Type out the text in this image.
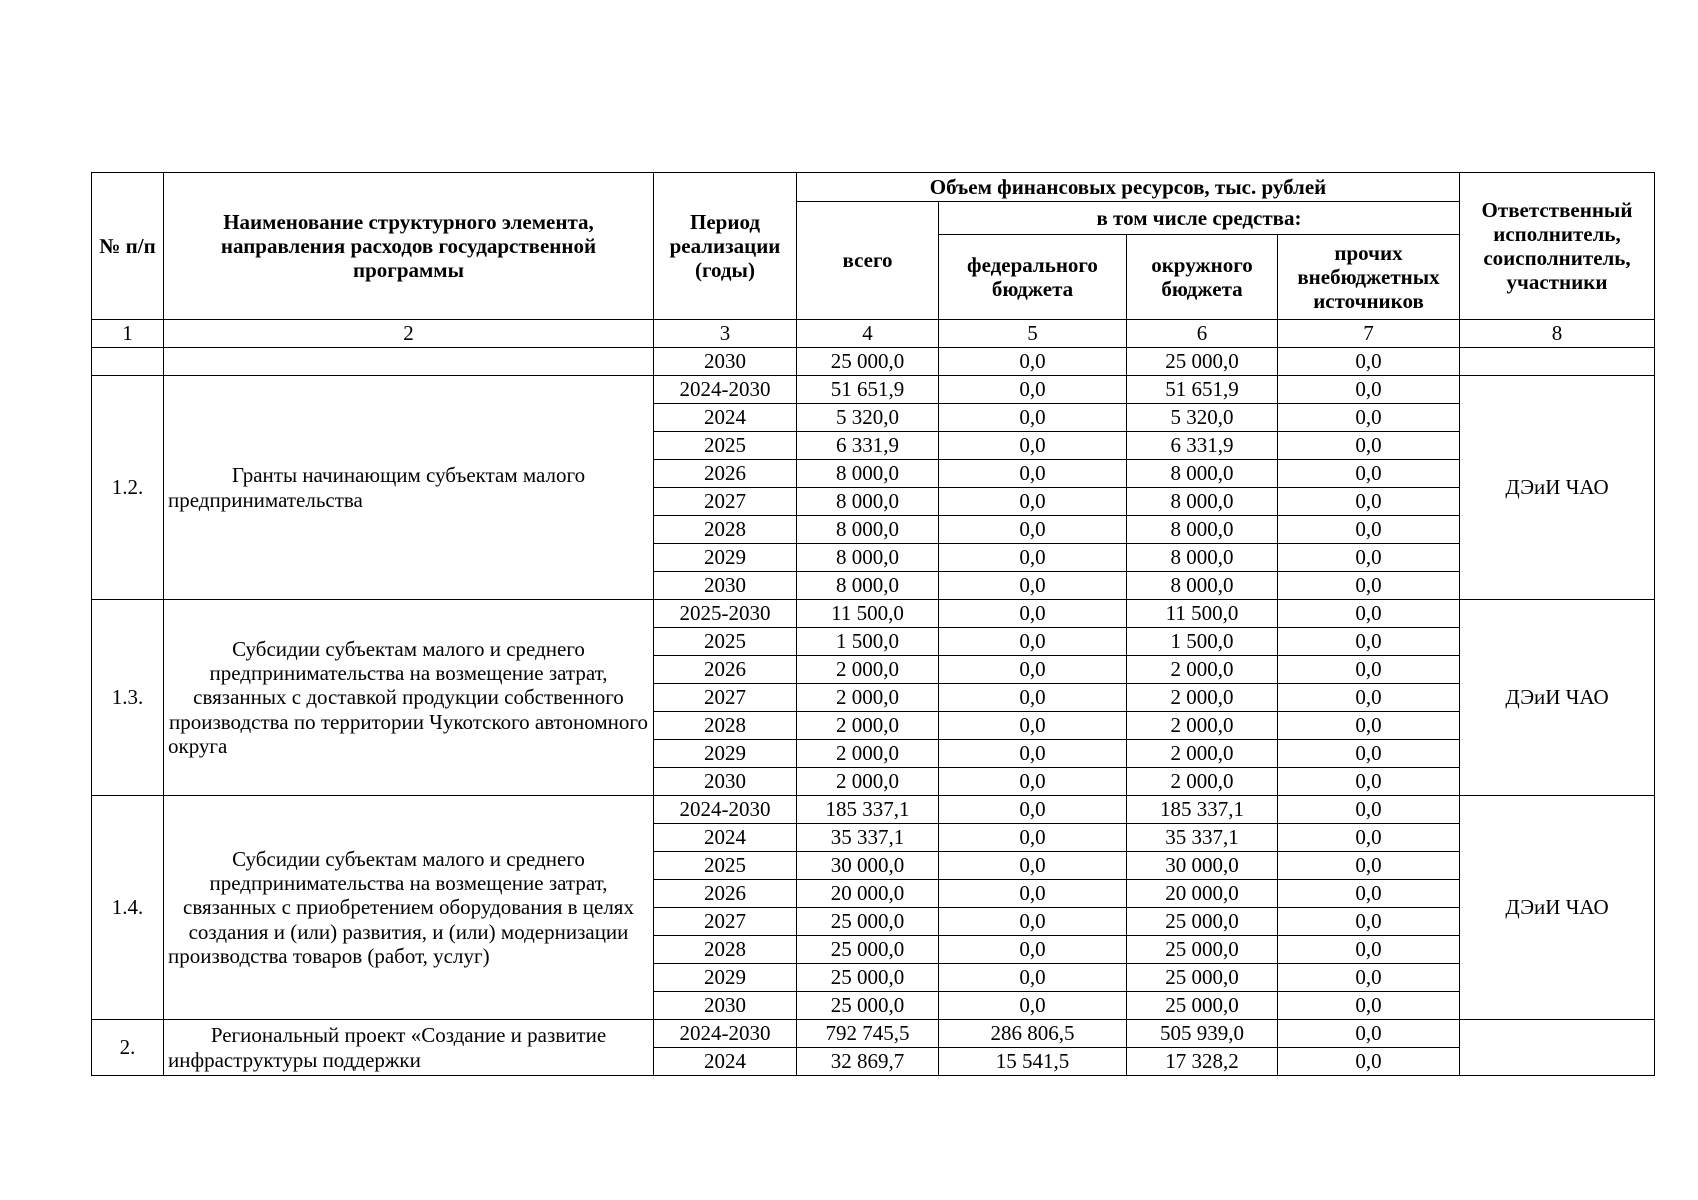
№ п/п	Наименование структурного элемента, направления расходов государственной программы	Период реализации (годы)	Объем финансовых ресурсов, тыс. рублей				Ответственный исполнитель, соисполнитель, участники
			всего	в том числе средства:			
				федерального бюджета	окружного бюджета	прочих внебюджетных источников	
1	2	3	4	5	6	7	8
		2030	25 000,0	0,0	25 000,0	0,0	
1.2.	Гранты начинающим субъектам малого предпринимательства	2024-2030	51 651,9	0,0	51 651,9	0,0	ДЭиИ ЧАО
		2024	5 320,0	0,0	5 320,0	0,0	
		2025	6 331,9	0,0	6 331,9	0,0	
		2026	8 000,0	0,0	8 000,0	0,0	
		2027	8 000,0	0,0	8 000,0	0,0	
		2028	8 000,0	0,0	8 000,0	0,0	
		2029	8 000,0	0,0	8 000,0	0,0	
		2030	8 000,0	0,0	8 000,0	0,0	
1.3.	Субсидии субъектам малого и среднего предпринимательства на возмещение затрат, связанных с доставкой продукции собственного производства по территории Чукотского автономного округа	2025-2030	11 500,0	0,0	11 500,0	0,0	ДЭиИ ЧАО
		2025	1 500,0	0,0	1 500,0	0,0	
		2026	2 000,0	0,0	2 000,0	0,0	
		2027	2 000,0	0,0	2 000,0	0,0	
		2028	2 000,0	0,0	2 000,0	0,0	
		2029	2 000,0	0,0	2 000,0	0,0	
		2030	2 000,0	0,0	2 000,0	0,0	
1.4.	Субсидии субъектам малого и среднего предпринимательства на возмещение затрат, связанных с приобретением оборудования в целях создания и (или) развития, и (или) модернизации производства товаров (работ, услуг)	2024-2030	185 337,1	0,0	185 337,1	0,0	ДЭиИ ЧАО
		2024	35 337,1	0,0	35 337,1	0,0	
		2025	30 000,0	0,0	30 000,0	0,0	
		2026	20 000,0	0,0	20 000,0	0,0	
		2027	25 000,0	0,0	25 000,0	0,0	
		2028	25 000,0	0,0	25 000,0	0,0	
		2029	25 000,0	0,0	25 000,0	0,0	
		2030	25 000,0	0,0	25 000,0	0,0	
2.	Региональный проект «Создание и развитие инфраструктуры поддержки	2024-2030	792 745,5	286 806,5	505 939,0	0,0	
		2024	32 869,7	15 541,5	17 328,2	0,0	
